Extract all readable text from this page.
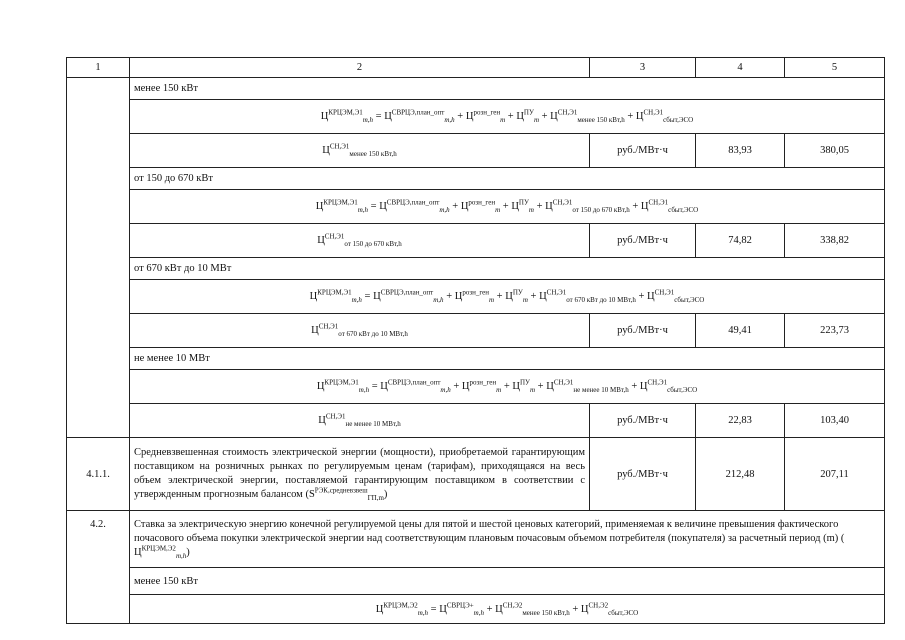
1	2	3	4	5
	менее 150 кВт			
	$Ц^{КРЦЭМ,Э1}_{m,h} = Ц^{СВРЦЭ,план\_опт}_{m,h} + Ц^{розн\_ген}_m + Ц^{ПУ}_m + Ц^{СН,Э1}_{менее 150 кВт,h} + Ц^{СН,Э1}_{сбыт,ЭСО}$
	$Ц^{СН,Э1}_{менее 150 кВт,h}$	руб./МВт·ч	83,93	380,05
	от 150 до 670 кВт			
	$Ц^{КРЦЭМ,Э1}_{m,h} = Ц^{СВРЦЭ,план\_опт}_{m,h} + Ц^{розн\_ген}_m + Ц^{ПУ}_m + Ц^{СН,Э1}_{от 150 до 670 кВт,h} + Ц^{СН,Э1}_{сбыт,ЭСО}$
	$Ц^{СН,Э1}_{от 150 до 670 кВт,h}$	руб./МВт·ч	74,82	338,82
	от 670 кВт до 10 МВт			
	$Ц^{КРЦЭМ,Э1}_{m,h} = Ц^{СВРЦЭ,план\_опт}_{m,h} + Ц^{розн\_ген}_m + Ц^{ПУ}_m + Ц^{СН,Э1}_{от 670 кВт до 10 МВт,h} + Ц^{СН,Э1}_{сбыт,ЭСО}$
	$Ц^{СН,Э1}_{от 670 кВт до 10 МВт,h}$	руб./МВт·ч	49,41	223,73
	не менее 10 МВт			
	$Ц^{КРЦЭМ,Э1}_{m,h} = Ц^{СВРЦЭ,план\_опт}_{m,h} + Ц^{розн\_ген}_m + Ц^{ПУ}_m + Ц^{СН,Э1}_{не менее 10 МВт,h} + Ц^{СН,Э1}_{сбыт,ЭСО}$
	$Ц^{СН,Э1}_{не менее 10 МВт,h}$	руб./МВт·ч	22,83	103,40
4.1.1.	Средневзвешенная стоимость электрической энергии (мощности), приобретаемой гарантирующим поставщиком на розничных рынках по регулируемым ценам (тарифам), приходящаяся на весь объем электрической энергии, поставляемой гарантирующим поставщиком в соответствии с утвержденным прогнозным балансом $(S^{РЭК,средневзвеш}_{ГП,m})$	руб./МВт·ч	212,48	207,11
4.2.	Ставка за электрическую энергию конечной регулируемой цены для пятой и шестой ценовых категорий, применяемая к величине превышения фактического почасового объема покупки электрической энергии над соответствующим плановым почасовым объемом потребителя (покупателя) за расчетный период (m) $(Ц^{КРЦЭМ,Э2}_{m,h})$			
	менее 150 кВт			
	$Ц^{КРЦЭМ,Э2}_{m,h} = Ц^{СВРЦЭ+}_{m,h} + Ц^{СН,Э2}_{менее 150 кВт,h} + Ц^{СН,Э2}_{сбыт,ЭСО}$
